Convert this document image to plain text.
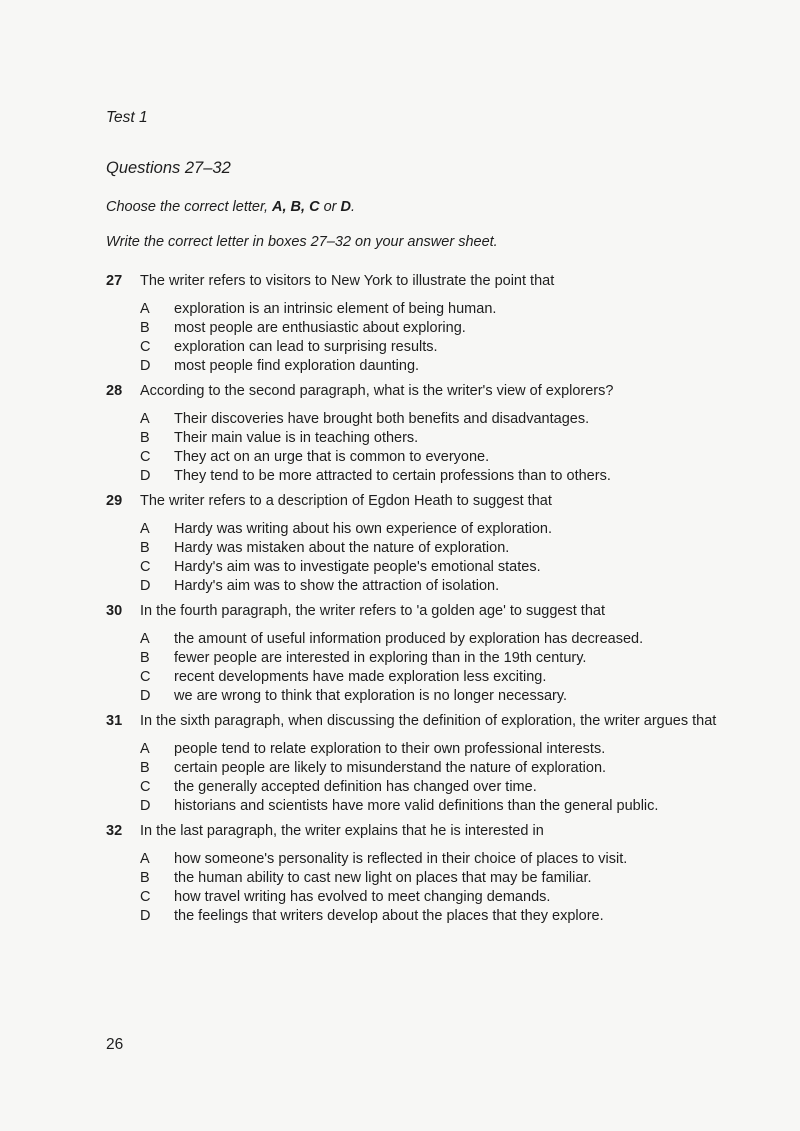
Test 1
Questions 27–32
Choose the correct letter, A, B, C or D.
Write the correct letter in boxes 27–32 on your answer sheet.
27	The writer refers to visitors to New York to illustrate the point that
A	exploration is an intrinsic element of being human.
B	most people are enthusiastic about exploring.
C	exploration can lead to surprising results.
D	most people find exploration daunting.
28	According to the second paragraph, what is the writer's view of explorers?
A	Their discoveries have brought both benefits and disadvantages.
B	Their main value is in teaching others.
C	They act on an urge that is common to everyone.
D	They tend to be more attracted to certain professions than to others.
29	The writer refers to a description of Egdon Heath to suggest that
A	Hardy was writing about his own experience of exploration.
B	Hardy was mistaken about the nature of exploration.
C	Hardy's aim was to investigate people's emotional states.
D	Hardy's aim was to show the attraction of isolation.
30	In the fourth paragraph, the writer refers to 'a golden age' to suggest that
A	the amount of useful information produced by exploration has decreased.
B	fewer people are interested in exploring than in the 19th century.
C	recent developments have made exploration less exciting.
D	we are wrong to think that exploration is no longer necessary.
31	In the sixth paragraph, when discussing the definition of exploration, the writer argues that
A	people tend to relate exploration to their own professional interests.
B	certain people are likely to misunderstand the nature of exploration.
C	the generally accepted definition has changed over time.
D	historians and scientists have more valid definitions than the general public.
32	In the last paragraph, the writer explains that he is interested in
A	how someone's personality is reflected in their choice of places to visit.
B	the human ability to cast new light on places that may be familiar.
C	how travel writing has evolved to meet changing demands.
D	the feelings that writers develop about the places that they explore.
26
